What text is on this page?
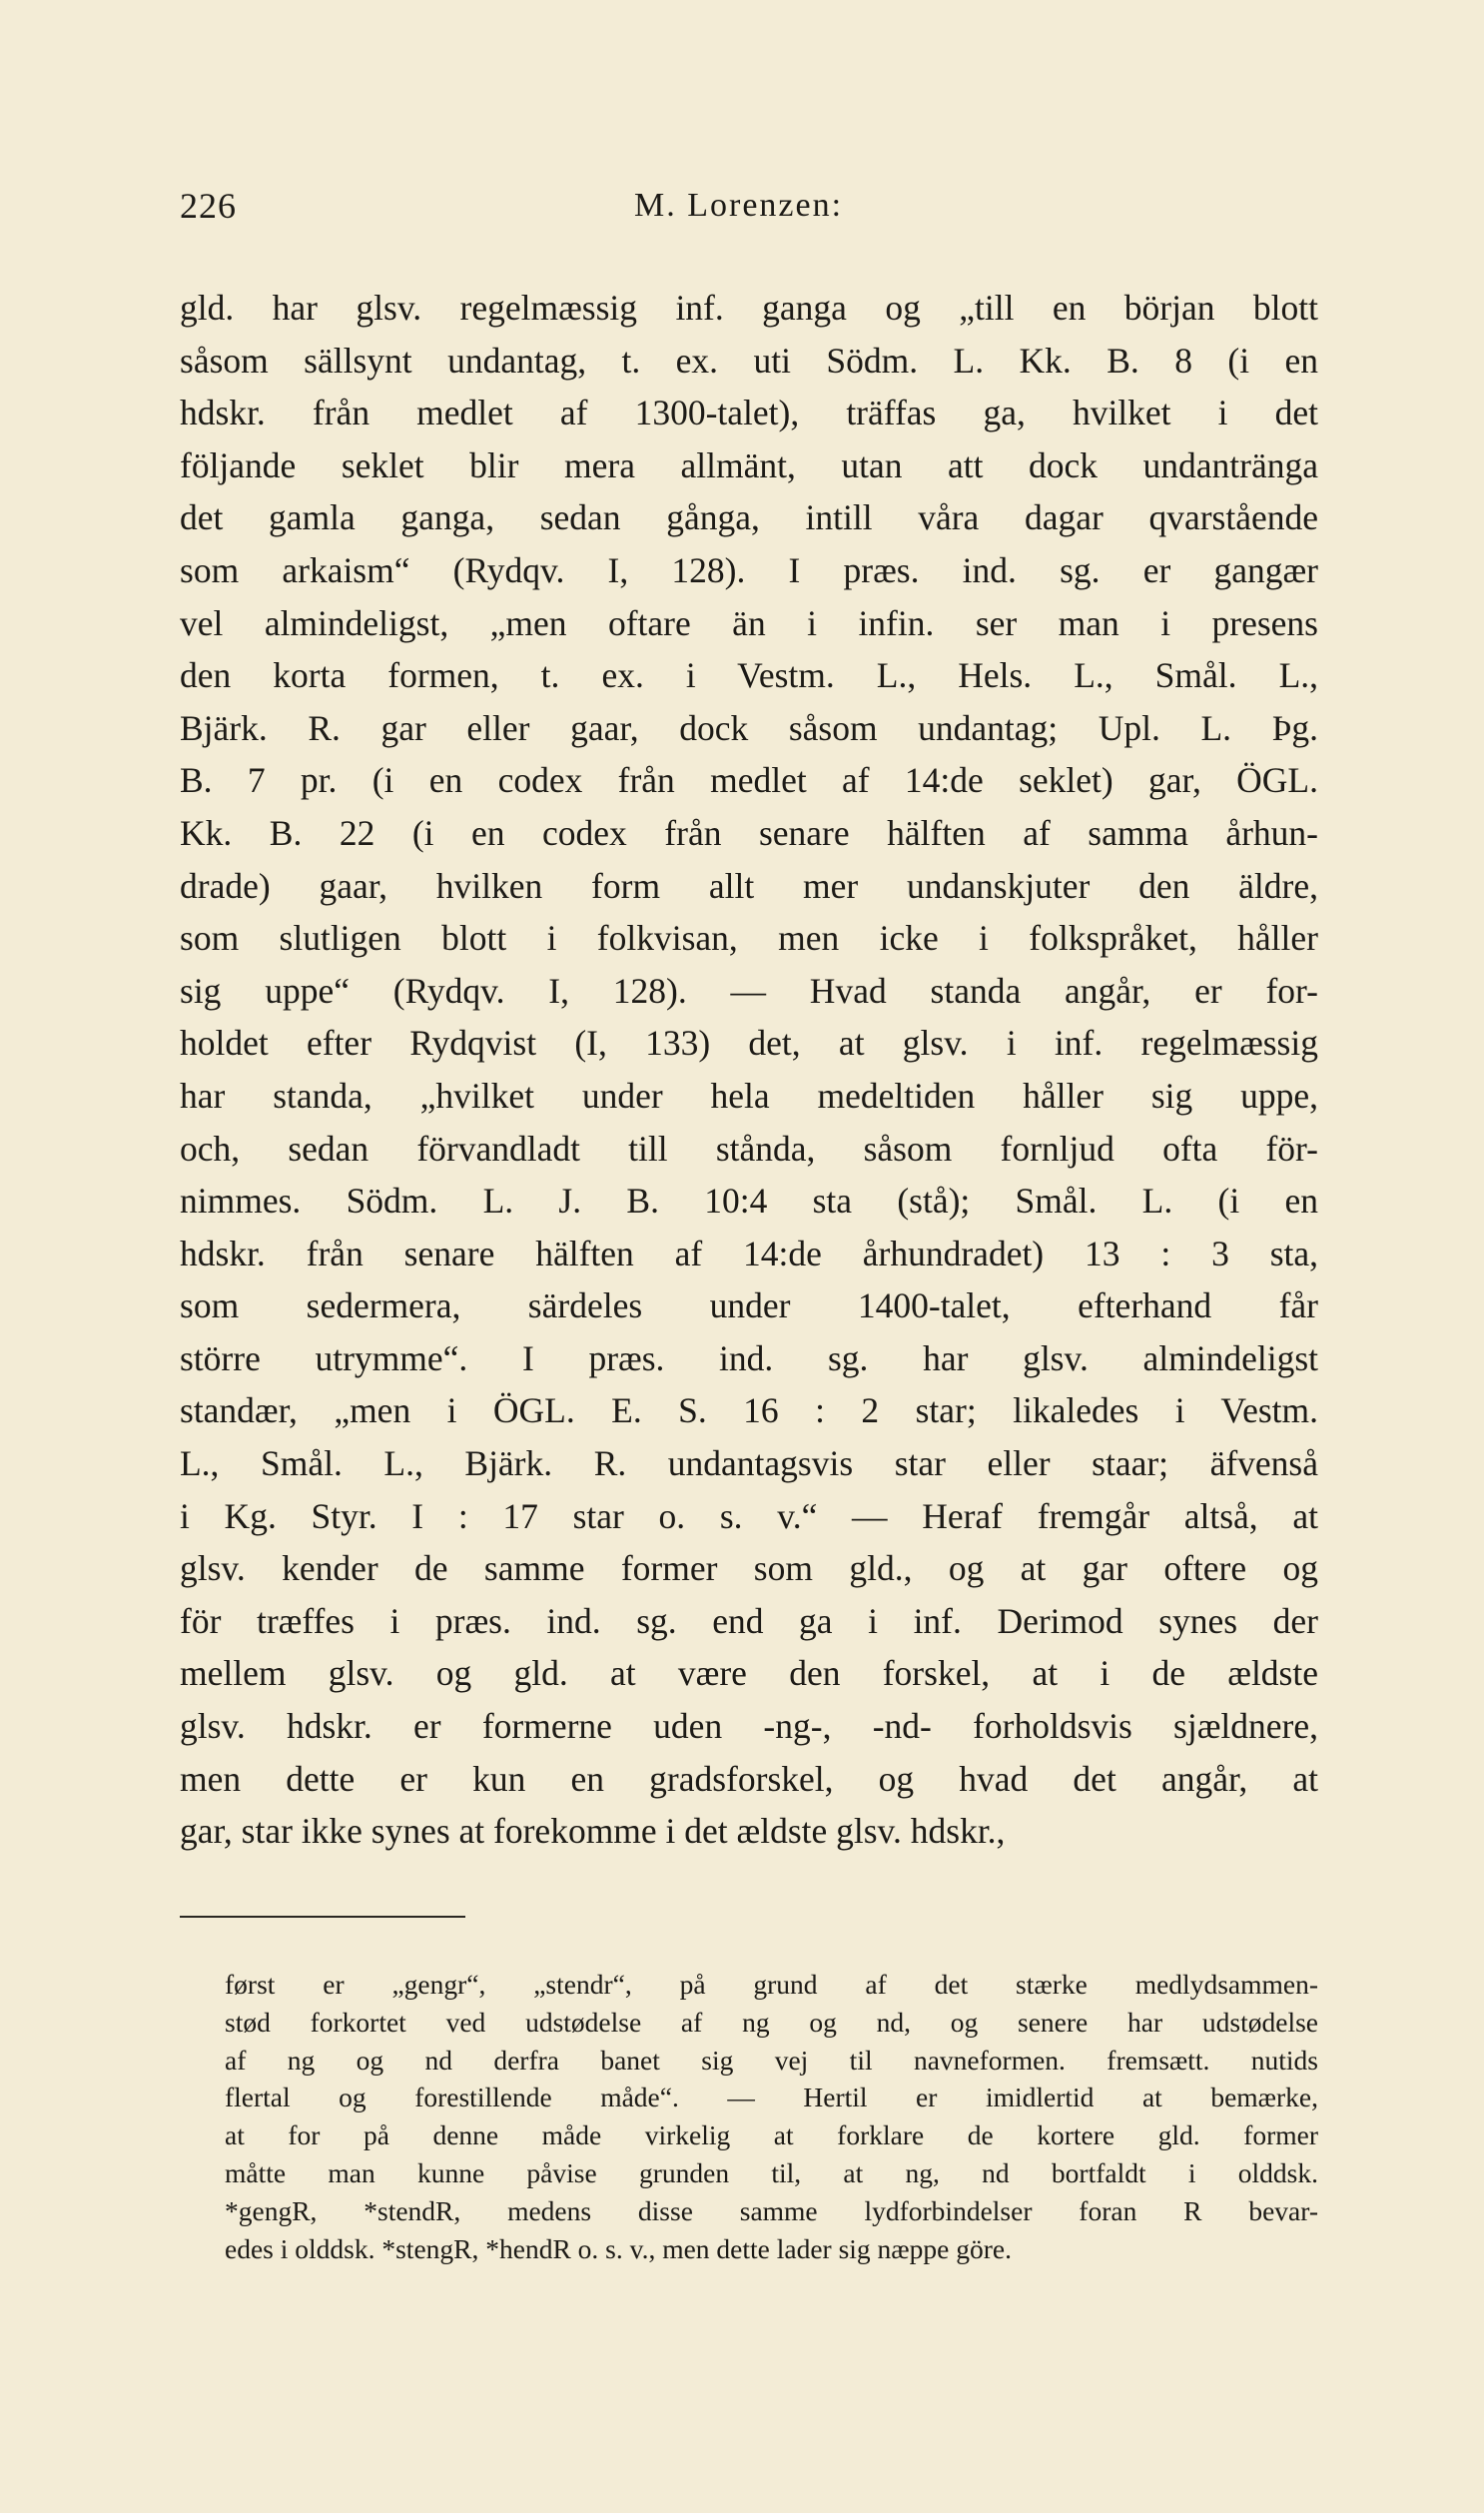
226	M. Lorenzen:
gld. har glsv. regelmæssig inf. ganga og „till en början blott
såsom sällsynt undantag, t. ex. uti Södm. L. Kk. B. 8 (i en
hdskr. från medlet af 1300-talet), träffas ga, hvilket i det
följande seklet blir mera allmänt, utan att dock undantränga
det gamla ganga, sedan gånga, intill våra dagar qvarstående
som arkaism“ (Rydqv. I, 128). I præs. ind. sg. er gangær
vel almindeligst, „men oftare än i infin. ser man i presens
den korta formen, t. ex. i Vestm. L., Hels. L., Smål. L.,
Bjärk. R. gar eller gaar, dock såsom undantag; Upl. L. Þg.
B. 7 pr. (i en codex från medlet af 14:de seklet) gar, ÖGL.
Kk. B. 22 (i en codex från senare hälften af samma århun-
drade) gaar, hvilken form allt mer undanskjuter den äldre,
som slutligen blott i folkvisan, men icke i folkspråket, håller
sig uppe“ (Rydqv. I, 128). — Hvad standa angår, er for-
holdet efter Rydqvist (I, 133) det, at glsv. i inf. regelmæssig
har standa, „hvilket under hela medeltiden håller sig uppe,
och, sedan förvandladt till stånda, såsom fornljud ofta för-
nimmes. Södm. L. J. B. 10:4 sta (stå); Smål. L. (i en
hdskr. från senare hälften af 14:de århundradet) 13 : 3 sta,
som sedermera, särdeles under 1400-talet, efterhand får
större utrymme“. I præs. ind. sg. har glsv. almindeligst
standær, „men i ÖGL. E. S. 16 : 2 star; likaledes i Vestm.
L., Smål. L., Bjärk. R. undantagsvis star eller staar; äfvenså
i Kg. Styr. I : 17 star o. s. v.“ — Heraf fremgår altså, at
glsv. kender de samme former som gld., og at gar oftere og
för træffes i præs. ind. sg. end ga i inf. Derimod synes der
mellem glsv. og gld. at være den forskel, at i de ældste
glsv. hdskr. er formerne uden -ng-, -nd- forholdsvis sjældnere,
men dette er kun en gradsforskel, og hvad det angår, at
gar, star ikke synes at forekomme i det ældste glsv. hdskr.,
først er „gengr“, „stendr“, på grund af det stærke medlydsammen-
stød forkortet ved udstødelse af ng og nd, og senere har udstødelse
af ng og nd derfra banet sig vej til navneformen. fremsætt. nutids
flertal og forestillende måde“. — Hertil er imidlertid at bemærke,
at for på denne måde virkelig at forklare de kortere gld. former
måtte man kunne påvise grunden til, at ng, nd bortfaldt i olddsk.
*gengR, *stendR, medens disse samme lydforbindelser foran R bevar-
edes i olddsk. *stengR, *hendR o. s. v., men dette lader sig næppe göre.
